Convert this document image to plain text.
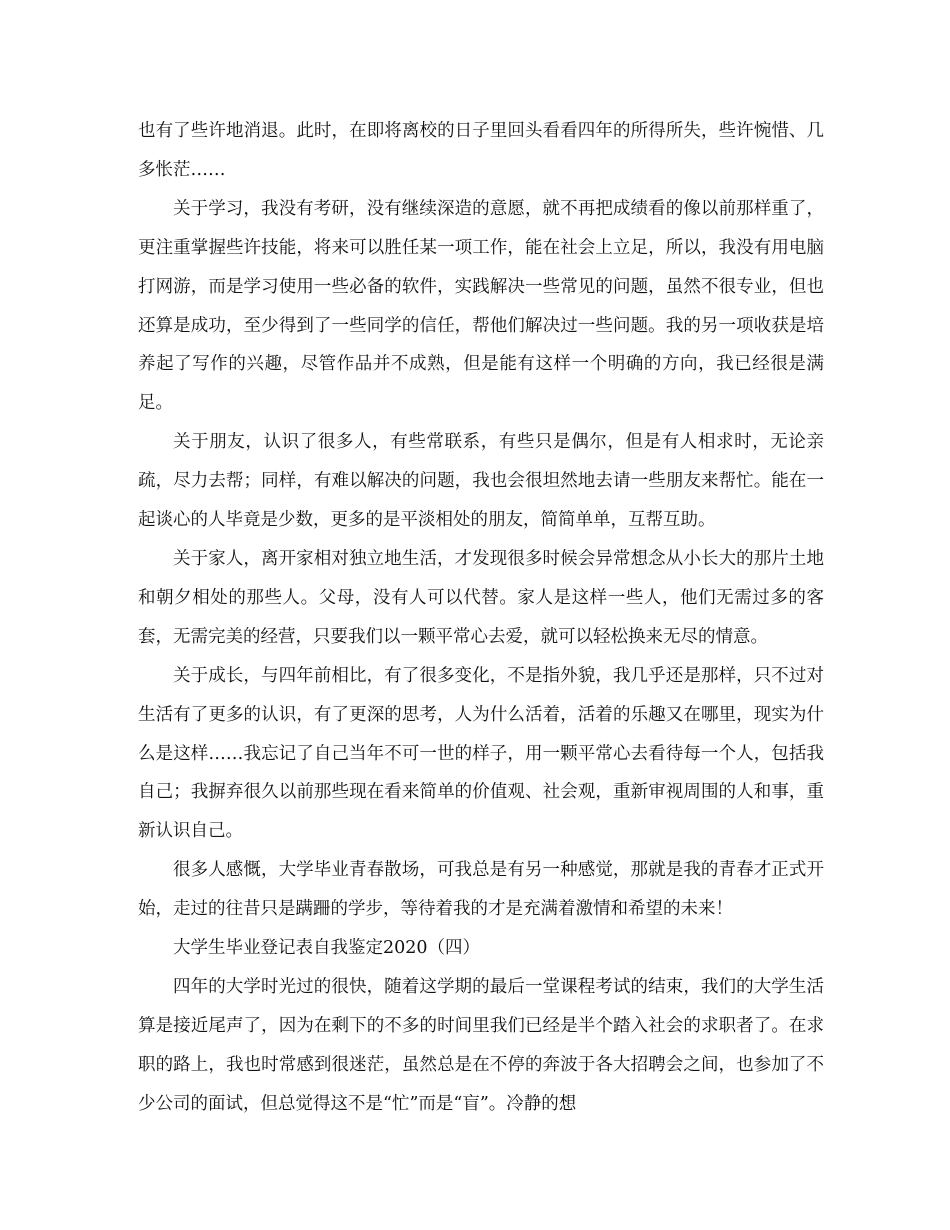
也有了些许地消退。此时，在即将离校的日子里回头看看四年的所得所失，些许惋惜、几多怅茫……

关于学习，我没有考研，没有继续深造的意愿，就不再把成绩看的像以前那样重了，更注重掌握些许技能，将来可以胜任某一项工作，能在社会上立足，所以，我没有用电脑打网游，而是学习使用一些必备的软件，实践解决一些常见的问题，虽然不很专业，但也还算是成功，至少得到了一些同学的信任，帮他们解决过一些问题。我的另一项收获是培养起了写作的兴趣，尽管作品并不成熟，但是能有这样一个明确的方向，我已经很是满足。

关于朋友，认识了很多人，有些常联系，有些只是偶尔，但是有人相求时，无论亲疏，尽力去帮；同样，有难以解决的问题，我也会很坦然地去请一些朋友来帮忙。能在一起谈心的人毕竟是少数，更多的是平淡相处的朋友，简简单单，互帮互助。

关于家人，离开家相对独立地生活，才发现很多时候会异常想念从小长大的那片土地和朝夕相处的那些人。父母，没有人可以代替。家人是这样一些人，他们无需过多的客套，无需完美的经营，只要我们以一颗平常心去爱，就可以轻松换来无尽的情意。

关于成长，与四年前相比，有了很多变化，不是指外貌，我几乎还是那样，只不过对生活有了更多的认识，有了更深的思考，人为什么活着，活着的乐趣又在哪里，现实为什么是这样……我忘记了自己当年不可一世的样子，用一颗平常心去看待每一个人，包括我自己；我摒弃很久以前那些现在看来简单的价值观、社会观，重新审视周围的人和事，重新认识自己。

很多人感慨，大学毕业青春散场，可我总是有另一种感觉，那就是我的青春才正式开始，走过的往昔只是蹒跚的学步，等待着我的才是充满着激情和希望的未来！

大学生毕业登记表自我鉴定2020（四）

四年的大学时光过的很快，随着这学期的最后一堂课程考试的结束，我们的大学生活算是接近尾声了，因为在剩下的不多的时间里我们已经是半个踏入社会的求职者了。在求职的路上，我也时常感到很迷茫，虽然总是在不停的奔波于各大招聘会之间，也参加了不少公司的面试，但总觉得这不是“忙”而是“盲”。冷静的想
